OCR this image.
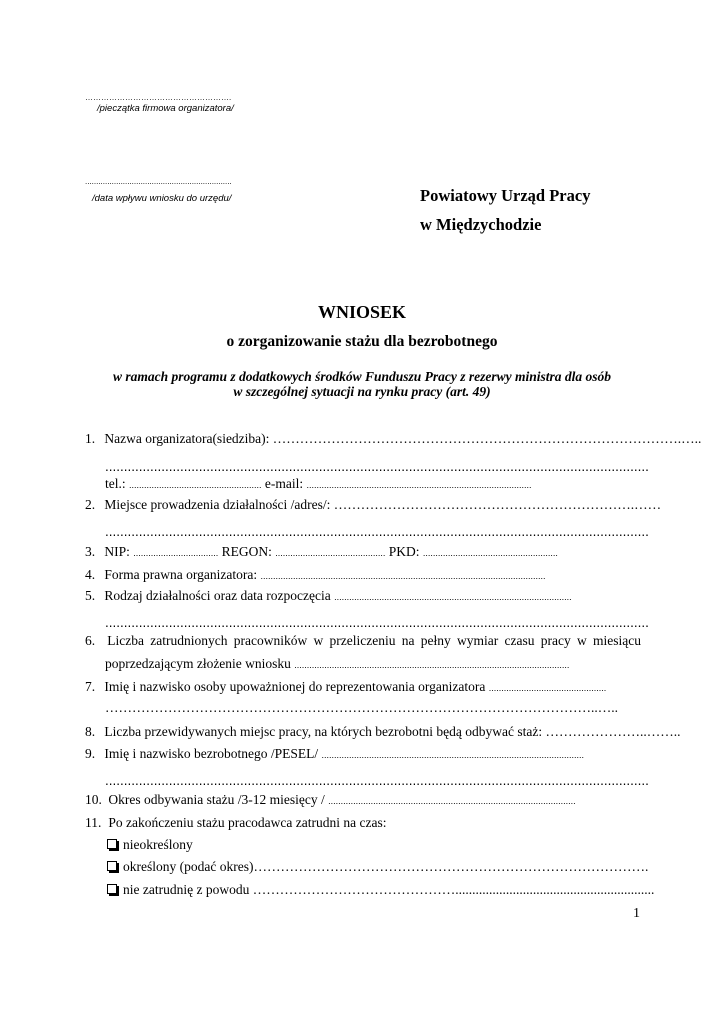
……………………………………………….
/pieczątka firmowa organizatora/
..................................................................
/data wpływu wniosku do urzędu/	Powiatowy Urząd Pracy
w Międzychodzie
WNIOSEK
o zorganizowanie stażu dla bezrobotnego
w ramach programu z dodatkowych środków Funduszu Pracy z rezerwy ministra dla osób
w szczególnej sytuacji na rynku pracy (art. 49)
1. Nazwa organizatora(siedziba): ……………………………………………………………………………….…..
.................................................................................................................................................
tel.: ..................................................... e-mail: ..........................................................................................
2. Miejsce prowadzenia działalności /adres/: ………………………………………………………….……
.................................................................................................................................................
3. NIP: .................................. REGON: ............................................ PKD: ......................................................
4. Forma prawna organizatora: ..................................................................................................................
5. Rodzaj działalności oraz data rozpoczęcia ...............................................................................................
.................................................................................................................................................
6. Liczba zatrudnionych pracowników w przeliczeniu na pełny wymiar czasu pracy w miesiącu
poprzedzającym złożenie wniosku ..............................................................................................................
7. Imię i nazwisko osoby upoważnionej do reprezentowania organizatora ...............................................
………………………………………………………………………………………………..…..
8. Liczba przewidywanych miejsc pracy, na których bezrobotni będą odbywać staż: …………………..……..
9. Imię i nazwisko bezrobotnego /PESEL/ .........................................................................................................
.................................................................................................................................................
10. Okres odbywania stażu /3-12 miesięcy / ...................................................................................................
11. Po zakończeniu stażu pracodawca zatrudni na czas:
nieokreślony
określony (podać okres)…………………………………………………………………………….
nie zatrudnię z powodu ………………………………………...........................................................
1
